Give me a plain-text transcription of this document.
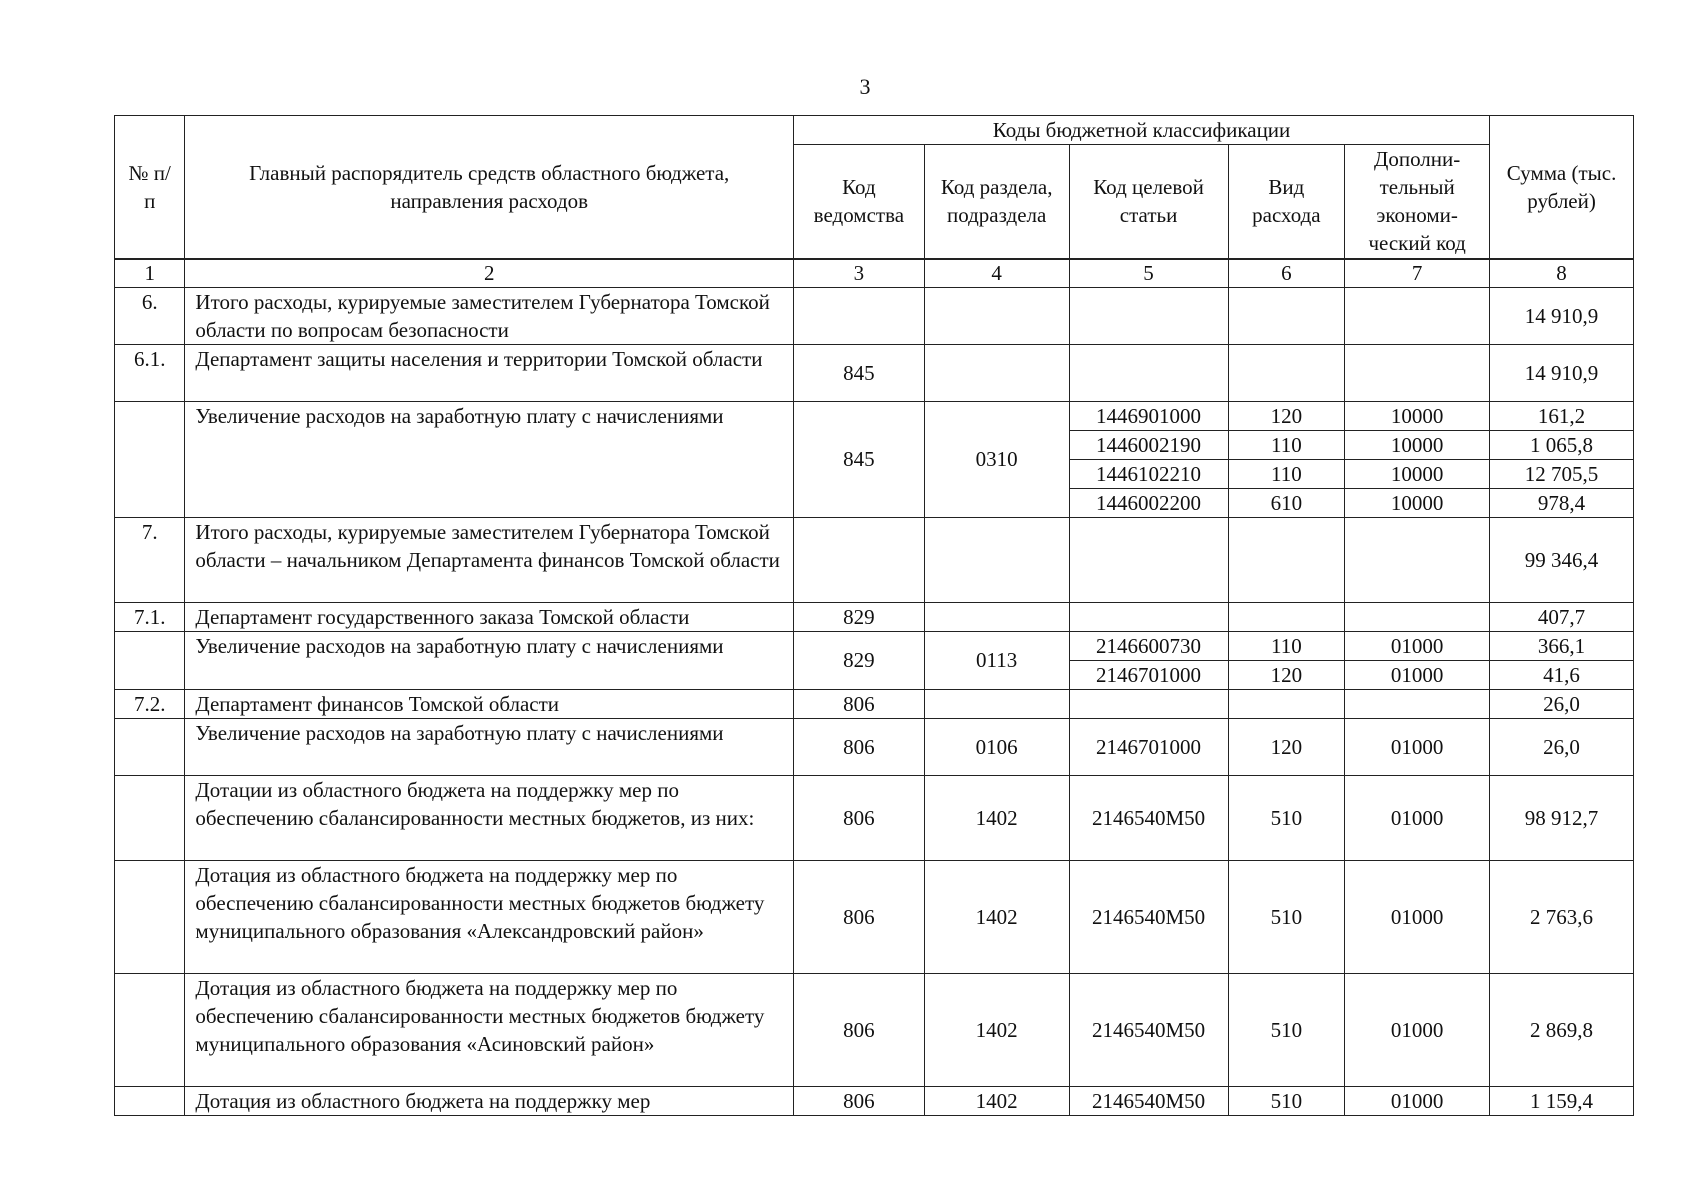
3
№ п/п	Главный распорядитель средств областного бюджета, направления расходов	Коды бюджетной классификации					Сумма (тыс. рублей)
		Код ведомства	Код раздела, подраздела	Код целевой статьи	Вид расхода	Дополни-тельный экономи-ческий код	
1	2	3	4	5	6	7	8
6.	Итого расходы, курируемые заместителем Губернатора Томской области по вопросам безопасности						14 910,9
6.1.	Департамент защиты населения и территории Томской области	845					14 910,9
	Увеличение расходов на заработную плату с начислениями	845	0310	1446901000	120	10000	161,2
				1446002190	110	10000	1 065,8
				1446102210	110	10000	12 705,5
				1446002200	610	10000	978,4
7.	Итого расходы, курируемые заместителем Губернатора Томской области – начальником Департамента финансов Томской области						99 346,4
7.1.	Департамент государственного заказа Томской области	829					407,7
	Увеличение расходов на заработную плату с начислениями	829	0113	2146600730	110	01000	366,1
				2146701000	120	01000	41,6
7.2.	Департамент финансов Томской области	806					26,0
	Увеличение расходов на заработную плату с начислениями	806	0106	2146701000	120	01000	26,0
	Дотации из областного бюджета на поддержку мер по обеспечению сбалансированности местных бюджетов, из них:	806	1402	2146540M50	510	01000	98 912,7
	Дотация из областного бюджета на поддержку мер по обеспечению сбалансированности местных бюджетов бюджету муниципального образования «Александровский район»	806	1402	2146540M50	510	01000	2 763,6
	Дотация из областного бюджета на поддержку мер по обеспечению сбалансированности местных бюджетов бюджету муниципального образования «Асиновский район»	806	1402	2146540M50	510	01000	2 869,8
	Дотация из областного бюджета на поддержку мер	806	1402	2146540M50	510	01000	1 159,4
